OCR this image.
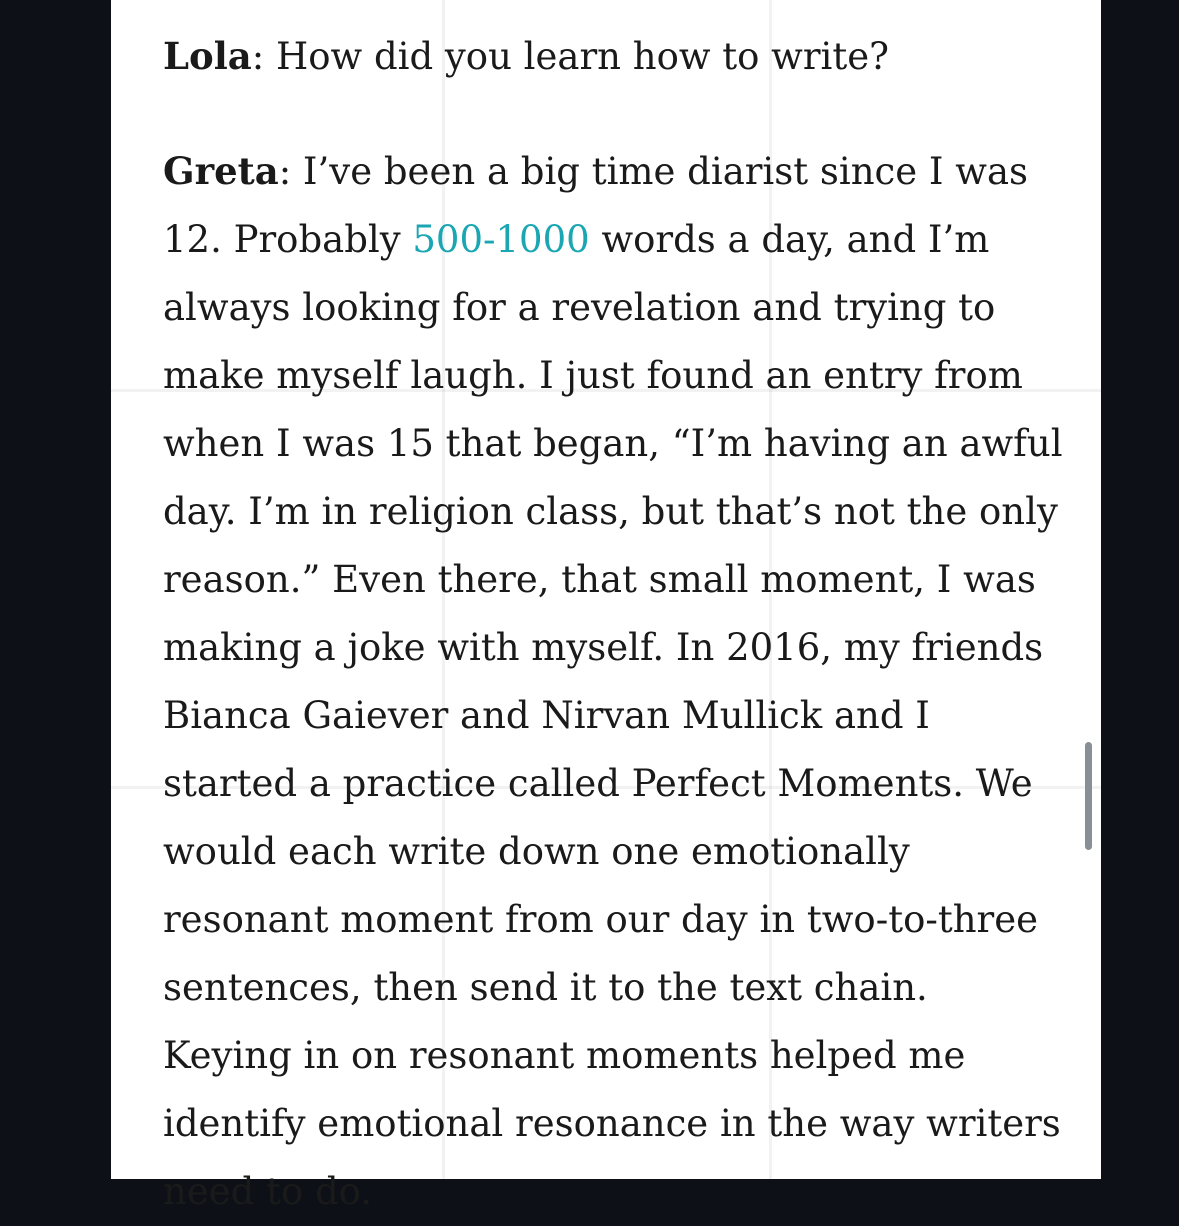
Lola: How did you learn how to write?

Greta: I’ve been a big time diarist since I was 12. Probably 500-1000 words a day, and I’m always looking for a revelation and trying to make myself laugh. I just found an entry from when I was 15 that began, “I’m having an awful day. I’m in religion class, but that’s not the only reason.” Even there, that small moment, I was making a joke with myself. In 2016, my friends Bianca Gaiever and Nirvan Mullick and I started a practice called Perfect Moments. We would each write down one emotionally resonant moment from our day in two-to-three sentences, then send it to the text chain. Keying in on resonant moments helped me identify emotional resonance in the way writers need to do.
